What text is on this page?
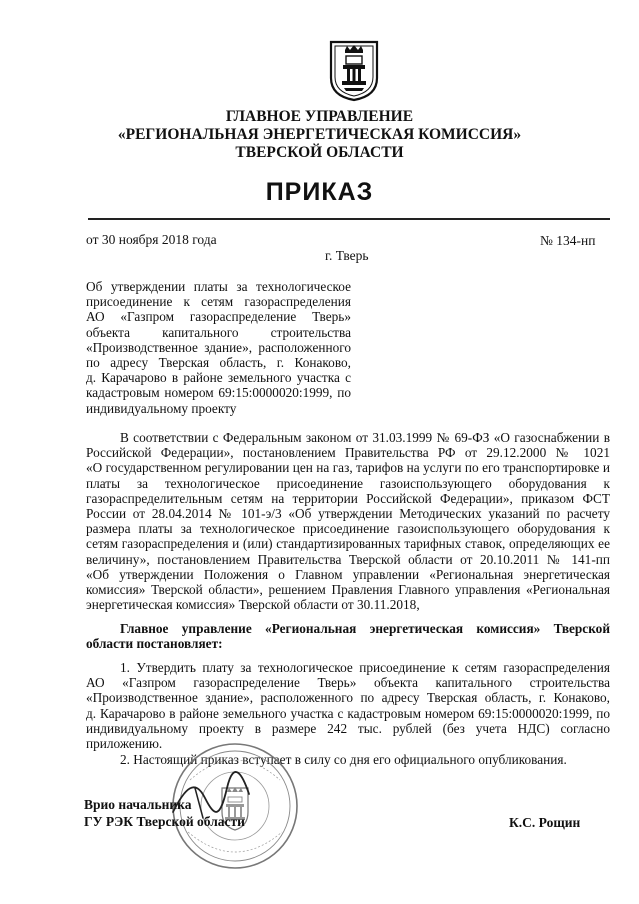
ГЛАВНОЕ УПРАВЛЕНИЕ
«РЕГИОНАЛЬНАЯ ЭНЕРГЕТИЧЕСКАЯ КОМИССИЯ»
ТВЕРСКОЙ ОБЛАСТИ
ПРИКАЗ
от 30 ноября 2018 года	№ 134-нп
г. Тверь
Об утверждении платы за технологическое
присоединение к сетям газораспределения
АО «Газпром газораспределение Тверь»
объекта капитального строительства
«Производственное здание», расположенного
по адресу Тверская область, г. Конаково,
д. Карачарово в районе земельного участка с
кадастровым номером 69:15:0000020:1999, по
индивидуальному проекту
В соответствии с Федеральным законом от 31.03.1999 № 69-ФЗ «О газоснабжении в
Российской Федерации», постановлением Правительства РФ от 29.12.2000 № 1021
«О государственном регулировании цен на газ, тарифов на услуги по его транспортировке и
платы за технологическое присоединение газоиспользующего оборудования к
газораспределительным сетям на территории Российской Федерации», приказом ФСТ
России от 28.04.2014 № 101-э/3 «Об утверждении Методических указаний по расчету
размера платы за технологическое присоединение газоиспользующего оборудования к
сетям газораспределения и (или) стандартизированных тарифных ставок, определяющих ее
величину», постановлением Правительства Тверской области от 20.10.2011 № 141-пп
«Об утверждении Положения о Главном управлении «Региональная энергетическая
комиссия» Тверской области», решением Правления Главного управления «Региональная
энергетическая комиссия» Тверской области от 30.11.2018,
Главное управление «Региональная энергетическая комиссия» Тверской
области постановляет:
1. Утвердить плату за технологическое присоединение к сетям газораспределения
АО «Газпром газораспределение Тверь» объекта капитального строительства
«Производственное здание», расположенного по адресу Тверская область, г. Конаково,
д. Карачарово в районе земельного участка с кадастровым номером 69:15:0000020:1999, по
индивидуальному проекту в размере 242 тыс. рублей (без учета НДС) согласно
приложению.
2. Настоящий приказ вступает в силу со дня его официального опубликования.
Врио начальника
ГУ РЭК Тверской области	К.С. Рощин
